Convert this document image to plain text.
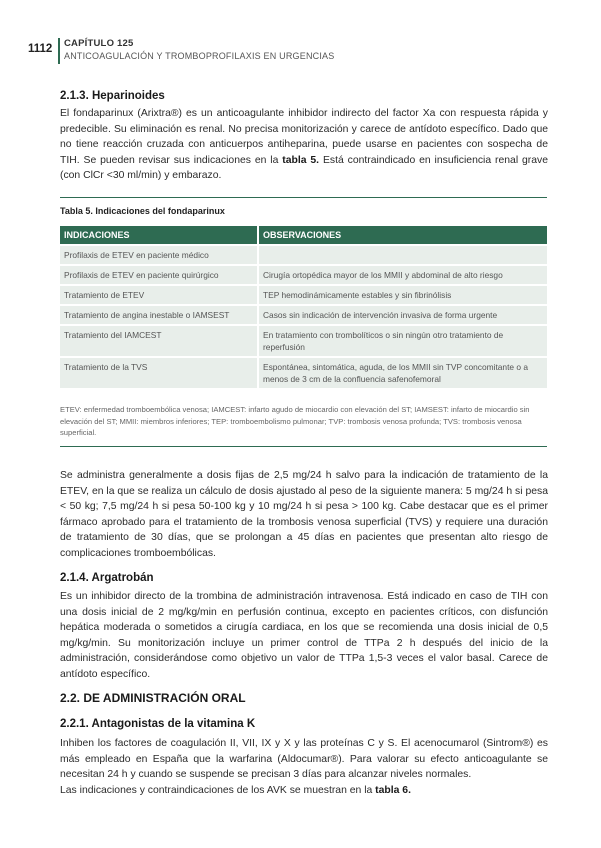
1112 CAPÍTULO 125
ANTICOAGULACIÓN Y TROMBOPROFILAXIS EN URGENCIAS
2.1.3. Heparinoides
El fondaparinux (Arixtra®) es un anticoagulante inhibidor indirecto del factor Xa con respuesta rápida y predecible. Su eliminación es renal. No precisa monitorización y carece de antídoto específico. Dado que no tiene reacción cruzada con anticuerpos antiheparina, puede usarse en pacientes con sospecha de TIH. Se pueden revisar sus indicaciones en la tabla 5. Está contraindicado en insuficiencia renal grave (con ClCr <30 ml/min) y embarazo.
Tabla 5. Indicaciones del fondaparinux
INDICACIONES	OBSERVACIONES
Profilaxis de ETEV en paciente médico	
Profilaxis de ETEV en paciente quirúrgico	Cirugía ortopédica mayor de los MMII y abdominal de alto riesgo
Tratamiento de ETEV	TEP hemodinámicamente estables y sin fibrinólisis
Tratamiento de angina inestable o IAMSEST	Casos sin indicación de intervención invasiva de forma urgente
Tratamiento del IAMCEST	En tratamiento con trombolíticos o sin ningún otro tratamiento de reperfusión
Tratamiento de la TVS	Espontánea, sintomática, aguda, de los MMII sin TVP concomitante o a menos de 3 cm de la confluencia safenofemoral
ETEV: enfermedad tromboembólica venosa; IAMCEST: infarto agudo de miocardio con elevación del ST; IAMSEST: infarto de miocardio sin elevación del ST; MMII: miembros inferiores; TEP: tromboembolismo pulmonar; TVP: trombosis venosa profunda; TVS: trombosis venosa superficial.
Se administra generalmente a dosis fijas de 2,5 mg/24 h salvo para la indicación de tratamiento de la ETEV, en la que se realiza un cálculo de dosis ajustado al peso de la siguiente manera: 5 mg/24 h si pesa < 50 kg; 7,5 mg/24 h si pesa 50-100 kg y 10 mg/24 h si pesa > 100 kg. Cabe destacar que es el primer fármaco aprobado para el tratamiento de la trombosis venosa superficial (TVS) y requiere una duración de tratamiento de 30 días, que se prolongan a 45 días en pacientes que presentan alto riesgo de complicaciones tromboembólicas.
2.1.4. Argatrobán
Es un inhibidor directo de la trombina de administración intravenosa. Está indicado en caso de TIH con una dosis inicial de 2 mg/kg/min en perfusión continua, excepto en pacientes críticos, con disfunción hepática moderada o sometidos a cirugía cardiaca, en los que se recomienda una dosis inicial de 0,5 mg/kg/min. Su monitorización incluye un primer control de TTPa 2 h después del inicio de la administración, considerándose como objetivo un valor de TTPa 1,5-3 veces el valor basal. Carece de antídoto específico.
2.2. DE ADMINISTRACIÓN ORAL
2.2.1. Antagonistas de la vitamina K
Inhiben los factores de coagulación II, VII, IX y X y las proteínas C y S. El acenocumarol (Sintrom®) es más empleado en España que la warfarina (Aldocumar®). Para valorar su efecto anticoagulante se necesitan 24 h y cuando se suspende se precisan 3 días para alcanzar niveles normales.
Las indicaciones y contraindicaciones de los AVK se muestran en la tabla 6.
